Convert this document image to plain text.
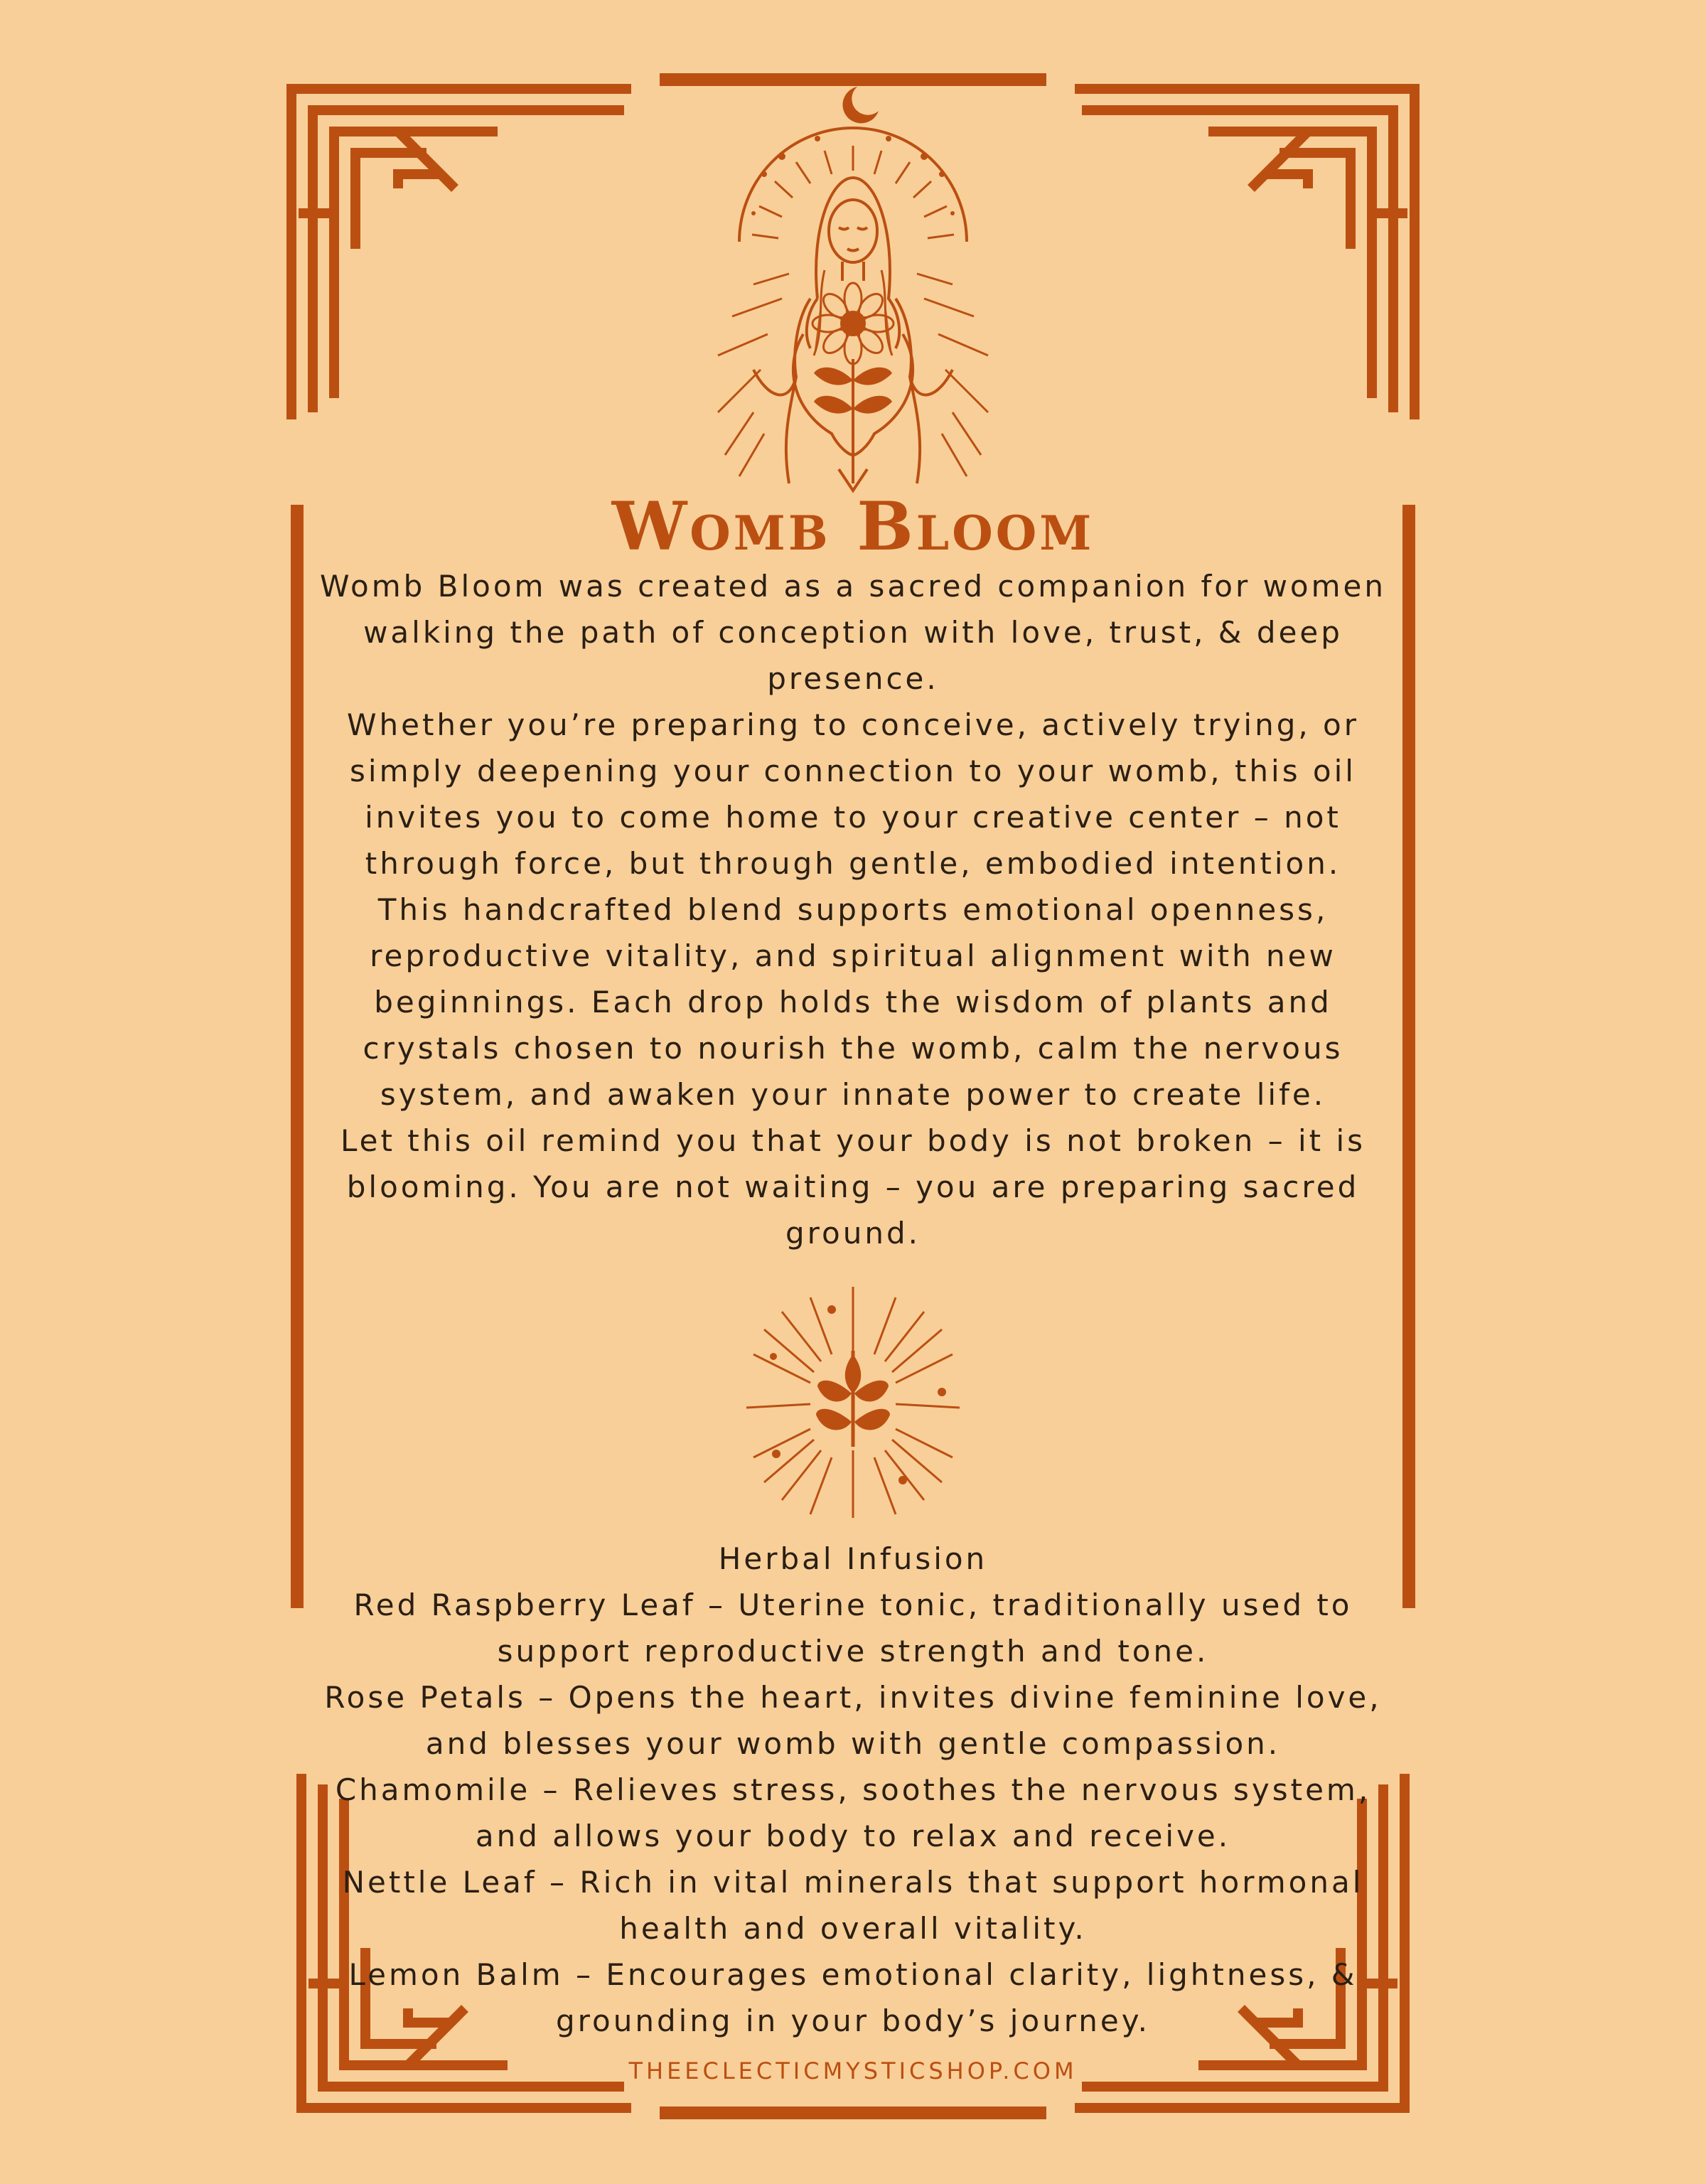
Womb Bloom

Womb Bloom was created as a sacred companion for women walking the path of conception with love, trust, & deep presence.

Whether you’re preparing to conceive, actively trying, or simply deepening your connection to your womb, this oil invites you to come home to your creative center – not through force, but through gentle, embodied intention.

This handcrafted blend supports emotional openness, reproductive vitality, and spiritual alignment with new beginnings. Each drop holds the wisdom of plants and crystals chosen to nourish the womb, calm the nervous system, and awaken your innate power to create life.

Let this oil remind you that your body is not broken – it is blooming. You are not waiting – you are preparing sacred ground.

Herbal Infusion

Red Raspberry Leaf – Uterine tonic, traditionally used to support reproductive strength and tone.

Rose Petals – Opens the heart, invites divine feminine love, and blesses your womb with gentle compassion.

Chamomile – Relieves stress, soothes the nervous system, and allows your body to relax and receive.

Nettle Leaf – Rich in vital minerals that support hormonal health and overall vitality.

Lemon Balm – Encourages emotional clarity, lightness, & grounding in your body’s journey.

THEECLECTICMYSTICSHOP.COM
